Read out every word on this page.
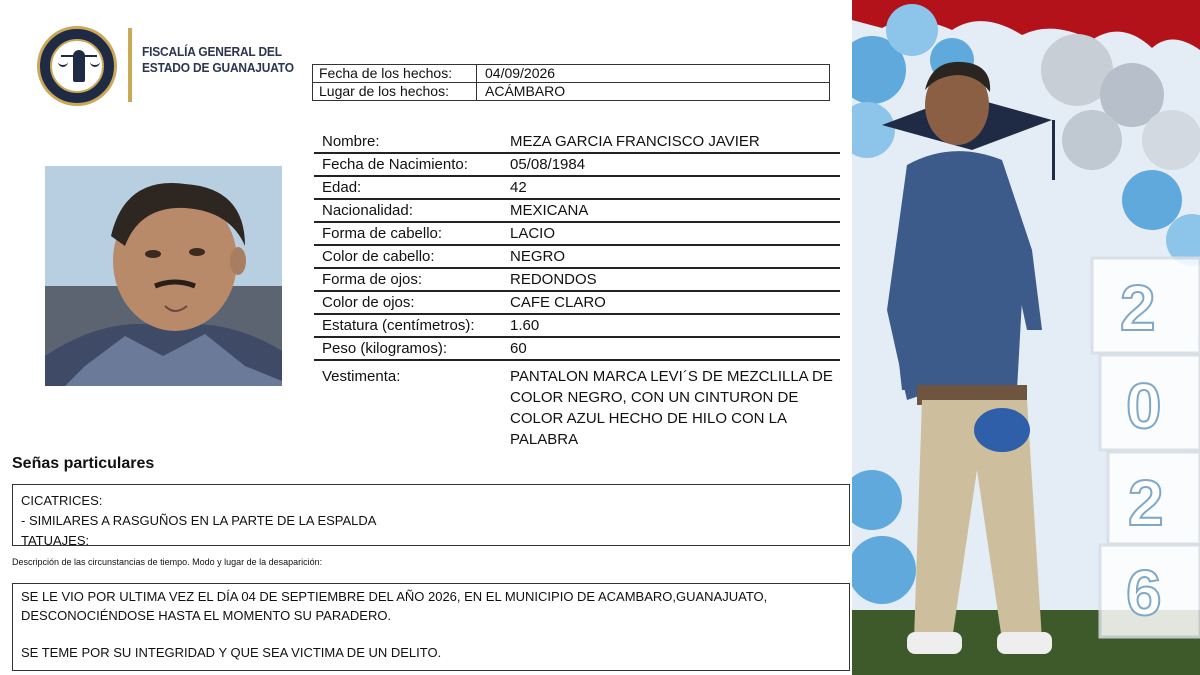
FISCALÍA GENERAL DEL
ESTADO DE GUANAJUATO	Fecha de los hechos:	04/09/2026
Lugar de los hechos:	ACÁMBARO
Nombre:	MEZA GARCIA FRANCISCO JAVIER
Fecha de Nacimiento:	05/08/1984
Edad:	42
Nacionalidad:	MEXICANA
Forma de cabello:	LACIO
Color de cabello:	NEGRO
Forma de ojos:	REDONDOS
Color de ojos:	CAFE CLARO
Estatura (centímetros):	1.60
Peso (kilogramos):	60
Vestimenta:	PANTALON MARCA LEVI´S DE MEZCLILLA DE COLOR NEGRO, CON UN CINTURON DE COLOR AZUL HECHO DE HILO CON LA PALABRA
Señas particulares
CICATRICES:
- SIMILARES A RASGUÑOS EN LA PARTE DE LA ESPALDA
TATUAJES:
Descripción de las circunstancias de tiempo. Modo y lugar de la desaparición:

SE LE VIO POR ULTIMA VEZ EL DÍA 04 DE SEPTIEMBRE DEL AÑO 2026, EN EL MUNICIPIO DE ACAMBARO,GUANAJUATO,

DESCONOCIÉNDOSE HASTA EL MOMENTO SU PARADERO.

SE TEME POR SU INTEGRIDAD Y QUE SEA VICTIMA DE UN DELITO.

2
0
2
6
